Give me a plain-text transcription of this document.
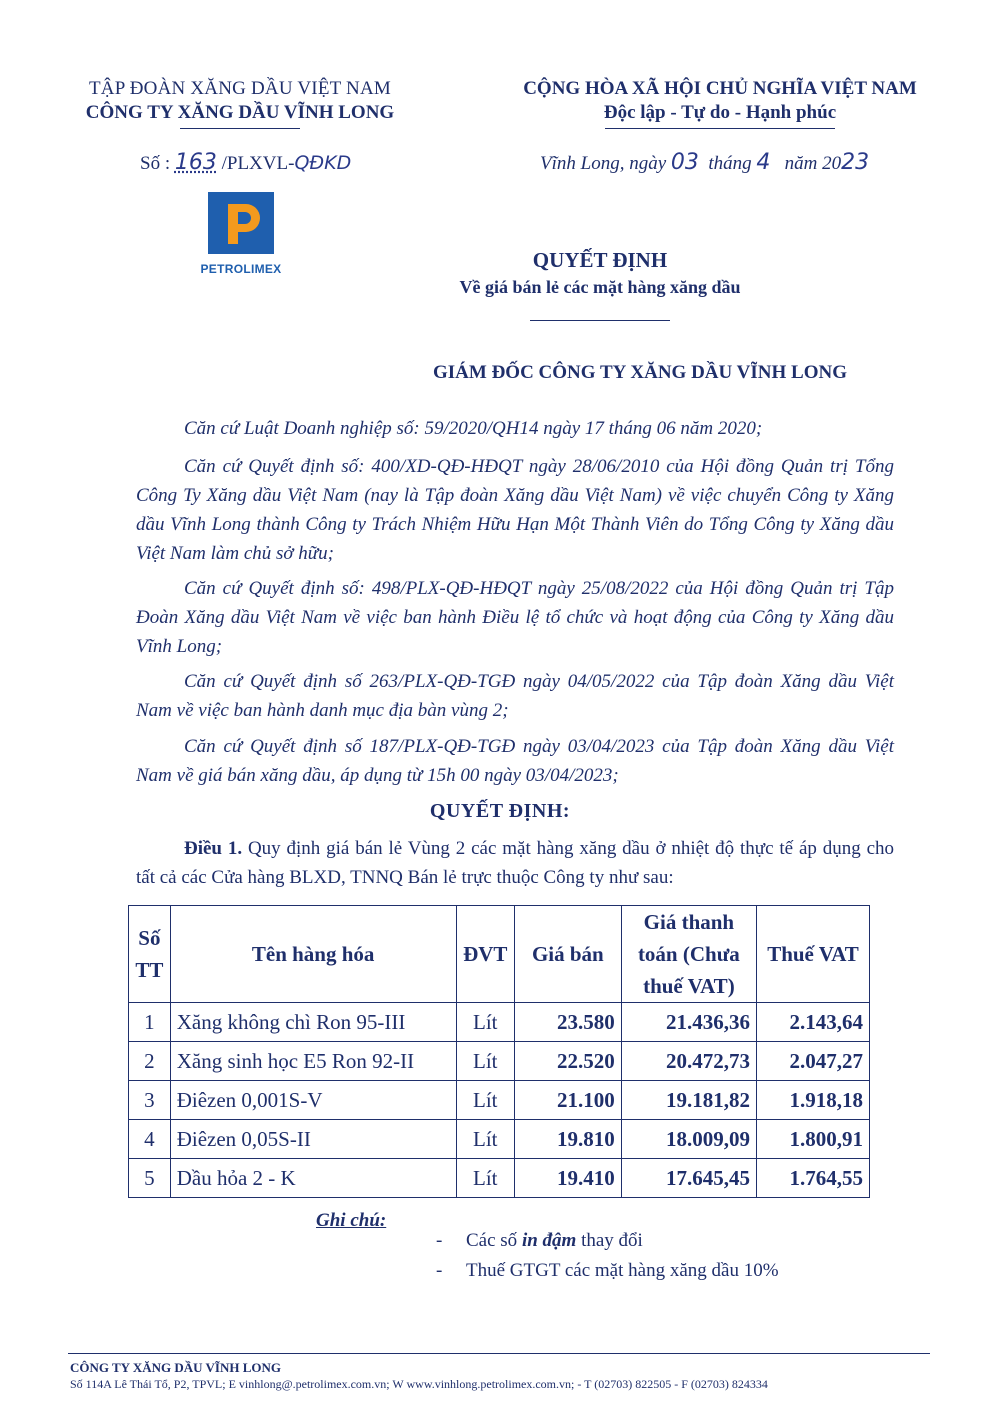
TẬP ĐOÀN XĂNG DẦU VIỆT NAM
CÔNG TY XĂNG DẦU VĨNH LONG
CỘNG HÒA XÃ HỘI CHỦ NGHĨA VIỆT NAM
Độc lập - Tự do - Hạnh phúc
Số : 163 /PLXVL-QĐKD	Vĩnh Long, ngày 03 tháng 4 năm 2023
PETROLIMEX	QUYẾT ĐỊNH
Về giá bán lẻ các mặt hàng xăng dầu
GIÁM ĐỐC CÔNG TY XĂNG DẦU VĨNH LONG
Căn cứ Luật Doanh nghiệp số: 59/2020/QH14 ngày 17 tháng 06 năm 2020;
Căn cứ Quyết định số: 400/XD-QĐ-HĐQT ngày 28/06/2010 của Hội đồng Quản trị Tổng Công Ty Xăng dầu Việt Nam (nay là Tập đoàn Xăng dầu Việt Nam) về việc chuyển Công ty Xăng dầu Vĩnh Long thành Công ty Trách Nhiệm Hữu Hạn Một Thành Viên do Tổng Công ty Xăng dầu Việt Nam làm chủ sở hữu;
Căn cứ Quyết định số: 498/PLX-QĐ-HĐQT ngày 25/08/2022 của Hội đồng Quản trị Tập Đoàn Xăng dầu Việt Nam về việc ban hành Điều lệ tổ chức và hoạt động của Công ty Xăng dầu Vĩnh Long;
Căn cứ Quyết định số 263/PLX-QĐ-TGĐ ngày 04/05/2022 của Tập đoàn Xăng dầu Việt Nam về việc ban hành danh mục địa bàn vùng 2;
Căn cứ Quyết định số 187/PLX-QĐ-TGĐ ngày 03/04/2023 của Tập đoàn Xăng dầu Việt Nam về giá bán xăng dầu, áp dụng từ 15h 00 ngày 03/04/2023;
QUYẾT ĐỊNH:
Điều 1. Quy định giá bán lẻ Vùng 2 các mặt hàng xăng dầu ở nhiệt độ thực tế áp dụng cho tất cả các Cửa hàng BLXD, TNNQ Bán lẻ trực thuộc Công ty như sau:
Số TT	Tên hàng hóa	ĐVT	Giá bán	Giá thanh toán (Chưa thuế VAT)	Thuế VAT
1	Xăng không chì Ron 95-III	Lít	23.580	21.436,36	2.143,64
2	Xăng sinh học E5 Ron 92-II	Lít	22.520	20.472,73	2.047,27
3	Điêzen 0,001S-V	Lít	21.100	19.181,82	1.918,18
4	Điêzen 0,05S-II	Lít	19.810	18.009,09	1.800,91
5	Dầu hỏa 2 - K	Lít	19.410	17.645,45	1.764,55
Ghi chú:
- Các số in đậm thay đổi
- Thuế GTGT các mặt hàng xăng dầu 10%
CÔNG TY XĂNG DẦU VĨNH LONG
Số 114A Lê Thái Tổ, P2, TPVL; E vinhlong@.petrolimex.com.vn; W www.vinhlong.petrolimex.com.vn; - T (02703) 822505 - F (02703) 824334
